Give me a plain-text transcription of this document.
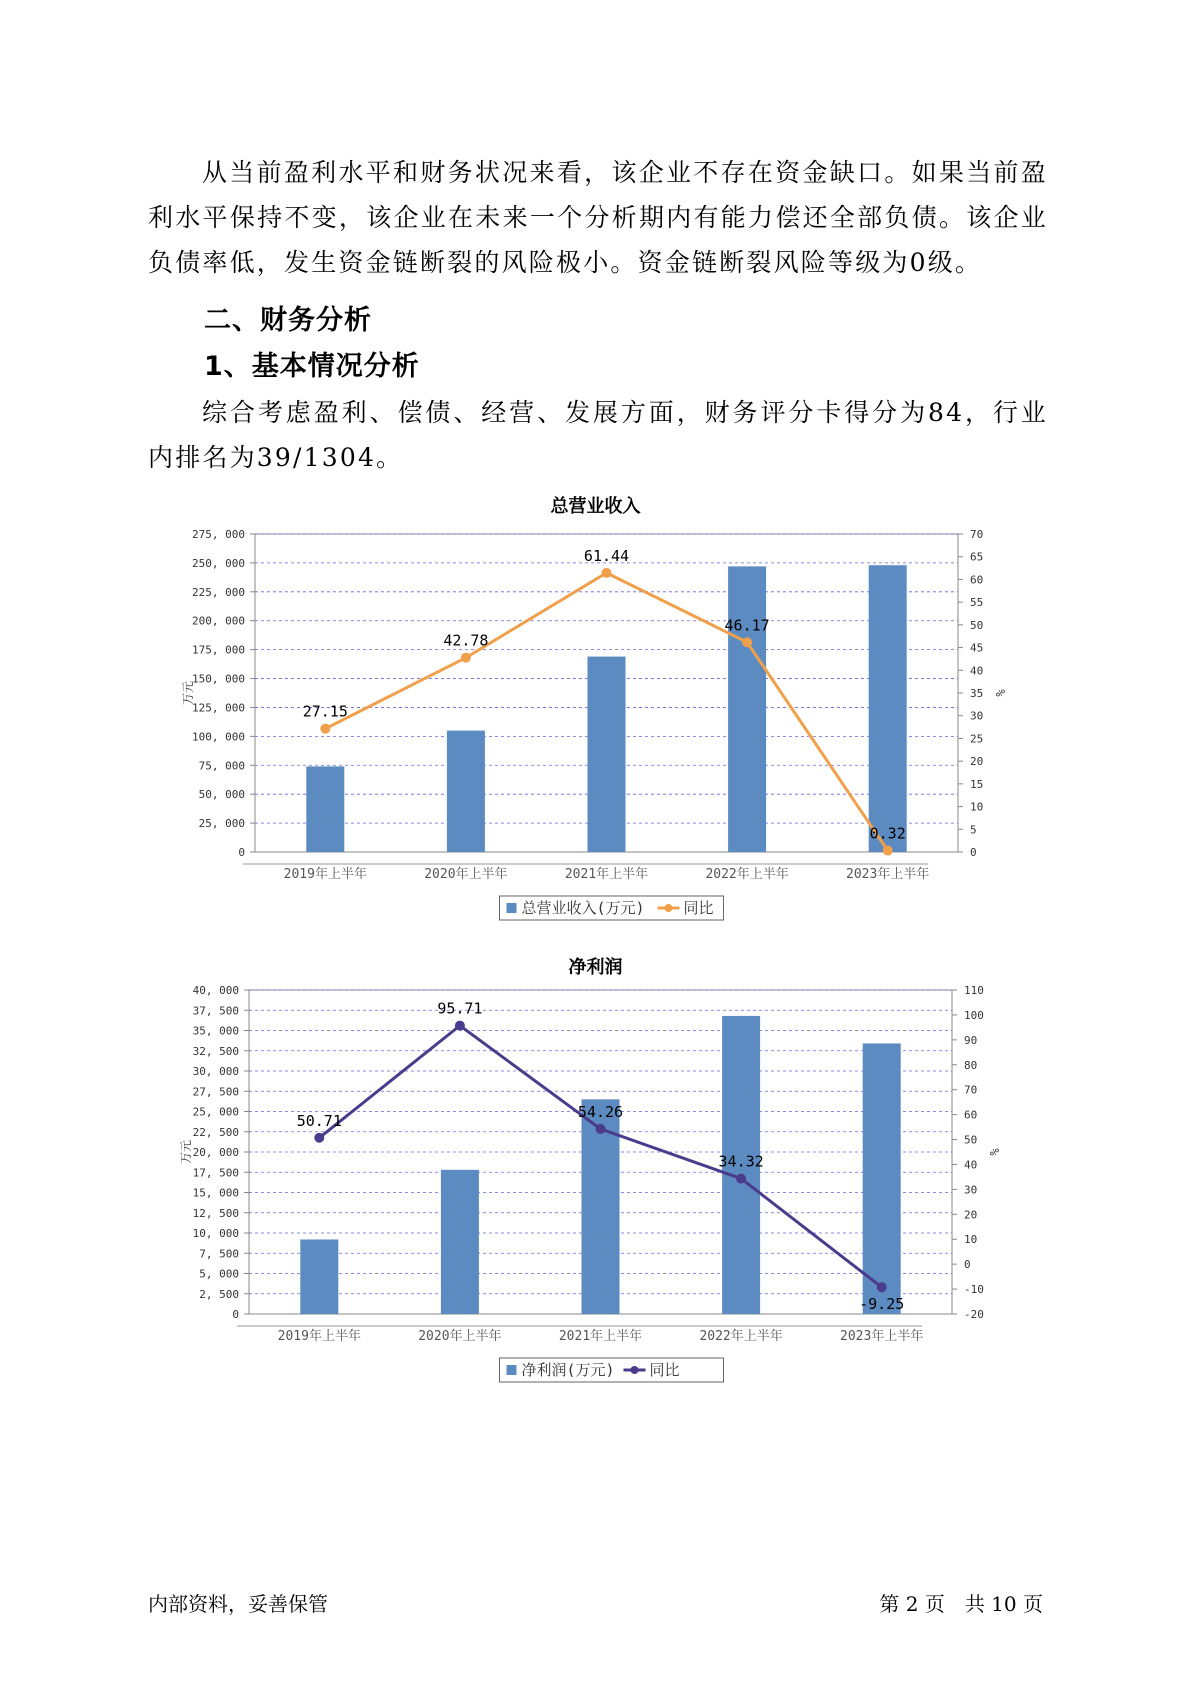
从当前盈利水平和财务状况来看，该企业不存在资金缺口。如果当前盈利水平保持不变，该企业在未来一个分析期内有能力偿还全部负债。该企业负债率低，发生资金链断裂的风险极小。资金链断裂风险等级为0级。

二、财务分析
1、基本情况分析

综合考虑盈利、偿债、经营、发展方面，财务评分卡得分为84，行业内排名为39/1304。

总营业收入
0
25, 000
50, 000
75, 000
100, 000
125, 000
150, 000
175, 000
200, 000
225, 000
250, 000
275, 000
0
5
10
15
20
25
30
35
40
45
50
55
60
65
70
万元	%
2019年上半年	2020年上半年	2021年上半年	2022年上半年	2023年上半年
27.15
42.78
61.44
46.17
0.32
总营业收入(万元)	同比
净利润
0
2, 500
5, 000
7, 500
10, 000
12, 500
15, 000
17, 500
20, 000
22, 500
25, 000
27, 500
30, 000
32, 500
35, 000
37, 500
40, 000
-20
-10
0
10
20
30
40
50
60
70
80
90
100
110
万元	%
2019年上半年	2020年上半年	2021年上半年	2022年上半年	2023年上半年
50.71
95.71
54.26
34.32
-9.25
净利润(万元) 同比
内部资料，妥善保管	第 2 页　共 10 页
